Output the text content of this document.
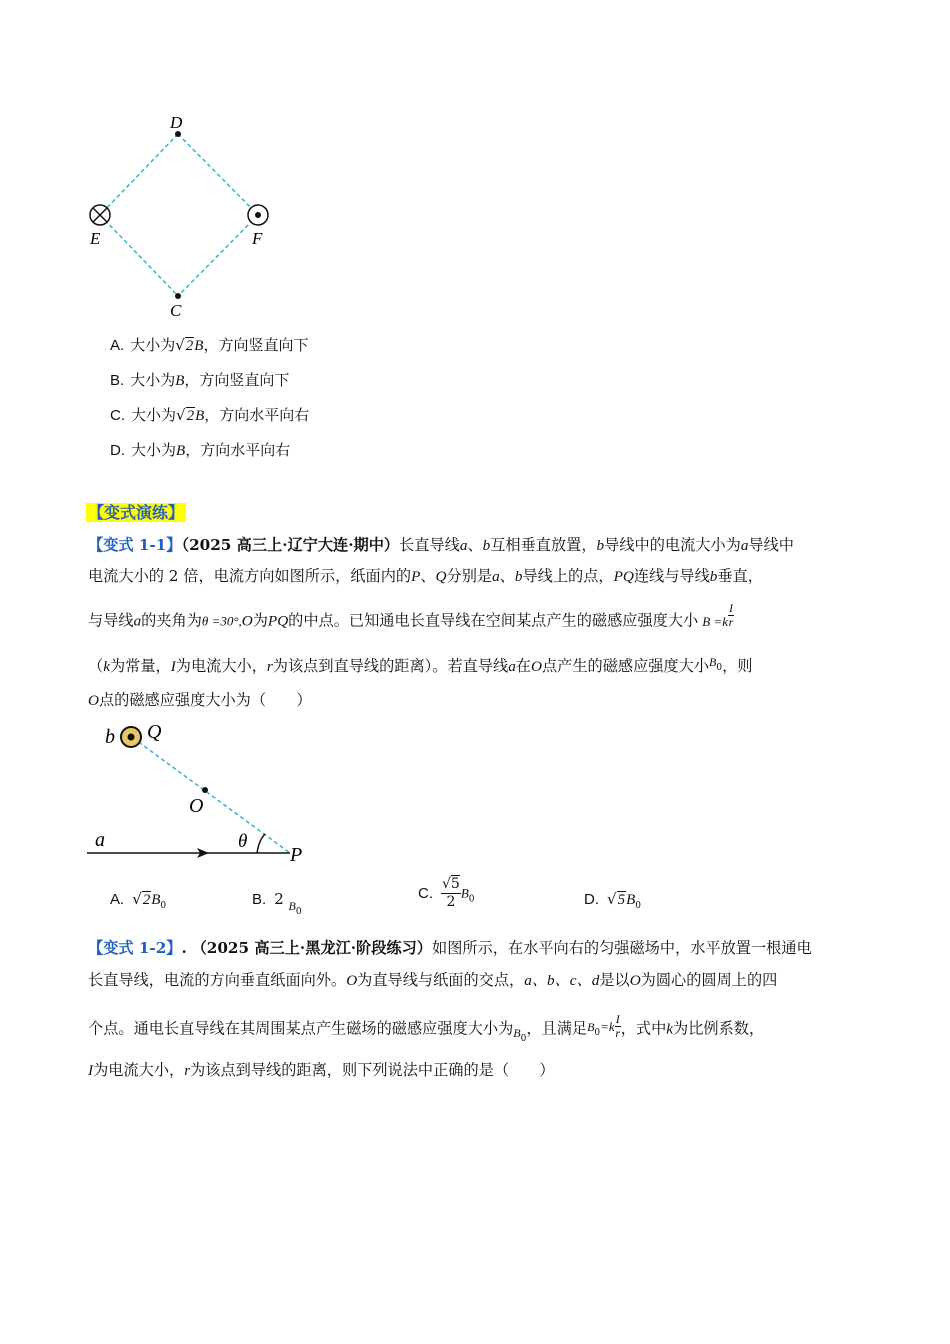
D
E	F
C
A. 大小为√2B，方向竖直向下
B. 大小为B，方向竖直向下
C. 大小为√2B，方向水平向右
D. 大小为B，方向水平向右
【变式演练】
【变式 1-1】（2025 高三上·辽宁大连·期中）长直导线a、b互相垂直放置，b导线中的电流大小为a导线中
电流大小的 2 倍，电流方向如图所示，纸面内的P、Q分别是a、b导线上的点，PQ连线与导线b垂直，
与导线a的夹角为θ =30°,O为PQ的中点。已知通电长直导线在空间某点产生的磁感应强度大小 $B =k \frac{I}{r}$
（k为常量，I为电流大小，r为该点到直导线的距离）。若直导线a在O点产生的磁感应强度大小$^B_0$，则
O点的磁感应强度大小为（　　）
b Q
O
a	θ
P
A. $√2B_0$	B. 2 $_{B0}$
C. $\frac{√5}{2} B_0$	D. $√5B_0$
【变式 1-2】. （2025 高三上·黑龙江·阶段练习）如图所示，在水平向右的匀强磁场中，水平放置一根通电
长直导线，电流的方向垂直纸面向外。O为直导线与纸面的交点，a、b、c、d是以O为圆心的圆周上的四
个点。通电长直导线在其周围某点产生磁场的磁感应强度大小为$B_0$，且满足$B_0=k \frac{I}{r}$ ，式中k为比例系数，
I为电流大小，r为该点到导线的距离，则下列说法中正确的是（　　）
